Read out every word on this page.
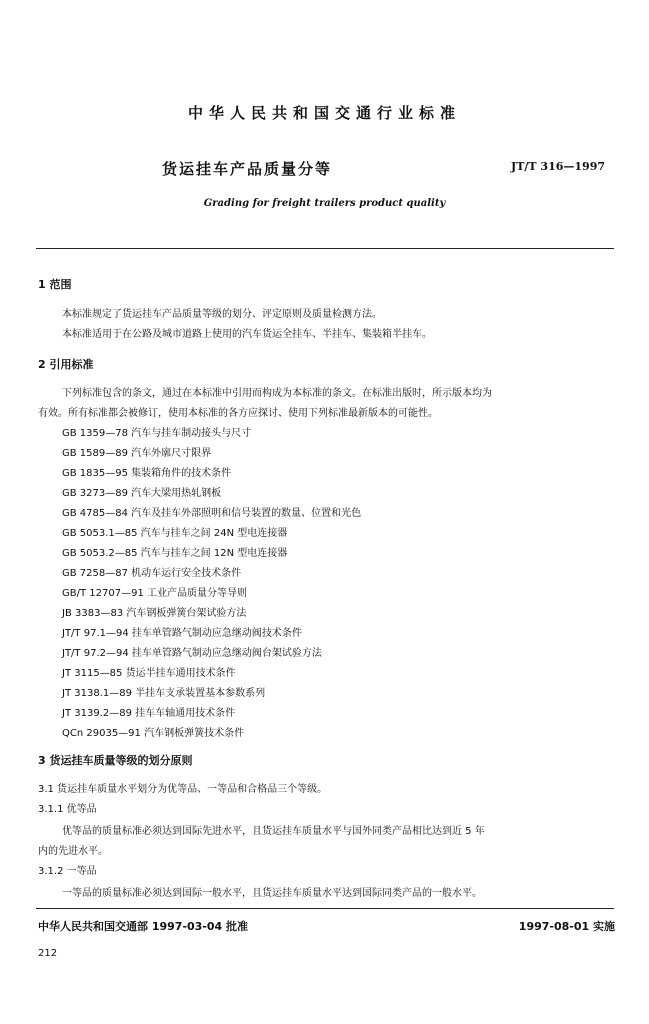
中华人民共和国交通行业标准

货运挂车产品质量分等	JT/T 316—1997

Grading for freight trailers product quality

1 范围

本标准规定了货运挂车产品质量等级的划分、评定原则及质量检测方法。

本标准适用于在公路及城市道路上使用的汽车货运全挂车、半挂车、集装箱半挂车。

2 引用标准

下列标准包含的条文，通过在本标准中引用而构成为本标准的条文。在标准出版时，所示版本均为

有效。所有标准都会被修订，使用本标准的各方应探讨、使用下列标准最新版本的可能性。

GB 1359—78 汽车与挂车制动接头与尺寸

GB 1589—89 汽车外廓尺寸限界

GB 1835—95 集装箱角件的技术条件

GB 3273—89 汽车大梁用热轧钢板

GB 4785—84 汽车及挂车外部照明和信号装置的数量、位置和光色

GB 5053.1—85 汽车与挂车之间 24N 型电连接器

GB 5053.2—85 汽车与挂车之间 12N 型电连接器

GB 7258—87 机动车运行安全技术条件

GB/T 12707—91 工业产品质量分等导则

JB 3383—83 汽车钢板弹簧台架试验方法

JT/T 97.1—94 挂车单管路气制动应急继动阀技术条件

JT/T 97.2—94 挂车单管路气制动应急继动阀台架试验方法

JT 3115—85 货运半挂车通用技术条件

JT 3138.1—89 半挂车支承装置基本参数系列

JT 3139.2—89 挂车车轴通用技术条件

QCn 29035—91 汽车钢板弹簧技术条件

3 货运挂车质量等级的划分原则

3.1 货运挂车质量水平划分为优等品、一等品和合格品三个等级。

3.1.1 优等品

优等品的质量标准必须达到国际先进水平，且货运挂车质量水平与国外同类产品相比达到近 5 年

内的先进水平。

3.1.2 一等品

一等品的质量标准必须达到国际一般水平，且货运挂车质量水平达到国际同类产品的一般水平。

中华人民共和国交通部 1997-03-04 批准	1997-08-01 实施

212
